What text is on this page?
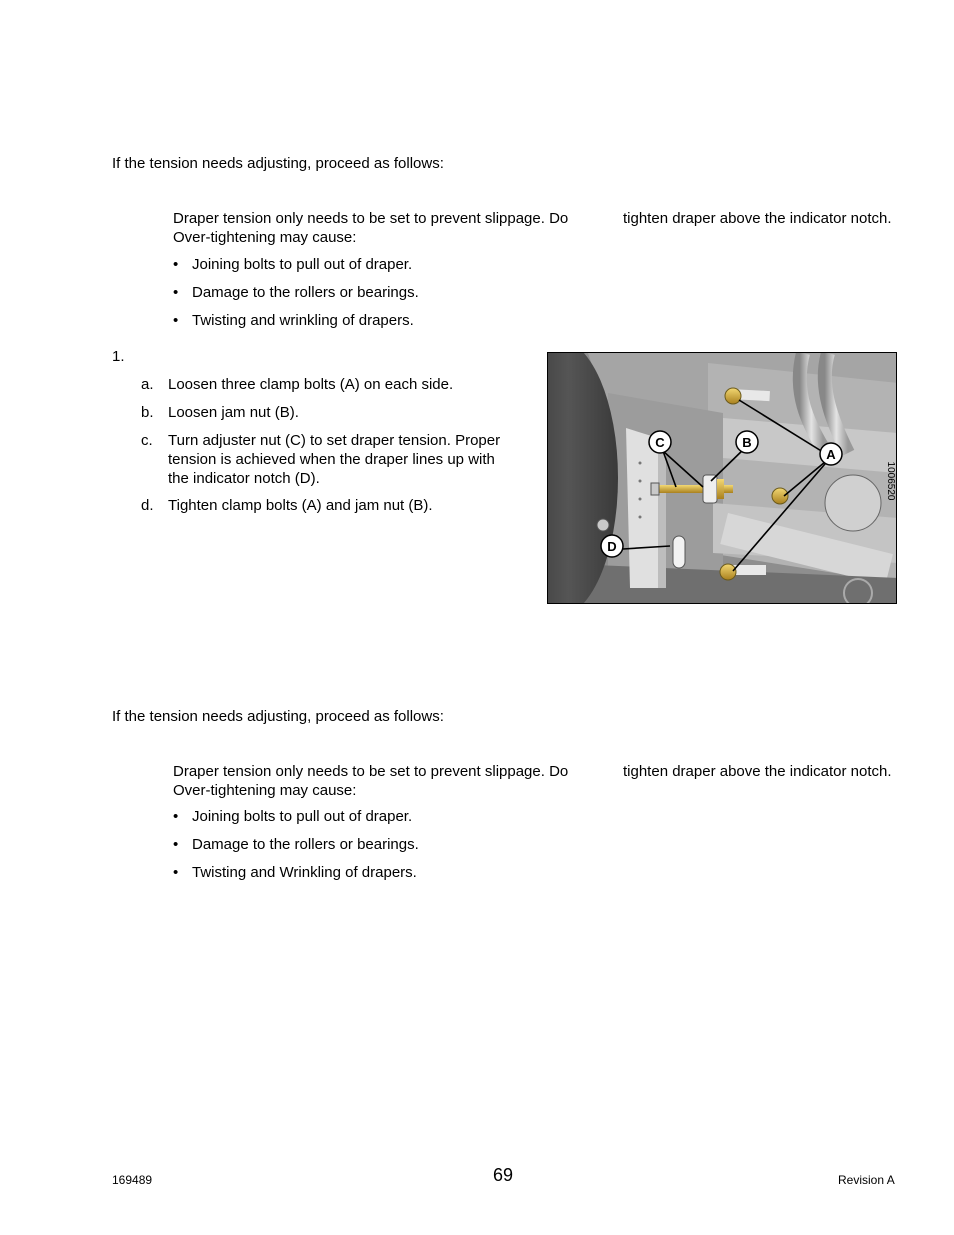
If the tension needs adjusting, proceed as follows:
Draper tension only needs to be set to prevent slippage. Do	tighten draper above the indicator notch.
Over-tightening may cause:
• Joining bolts to pull out of draper.
• Damage to the rollers or bearings.
• Twisting and wrinkling of drapers.
1.
a. Loosen three clamp bolts (A) on each side.
b. Loosen jam nut (B).
c. Turn adjuster nut (C) to set draper tension. Proper tension is achieved when the draper lines up with the indicator notch (D).
d. Tighten clamp bolts (A) and jam nut (B).
C	B
A
D
1006520
If the tension needs adjusting, proceed as follows:
Draper tension only needs to be set to prevent slippage. Do	tighten draper above the indicator notch.
Over-tightening may cause:
• Joining bolts to pull out of draper.
• Damage to the rollers or bearings.
• Twisting and Wrinkling of drapers.
169489	69	Revision A
